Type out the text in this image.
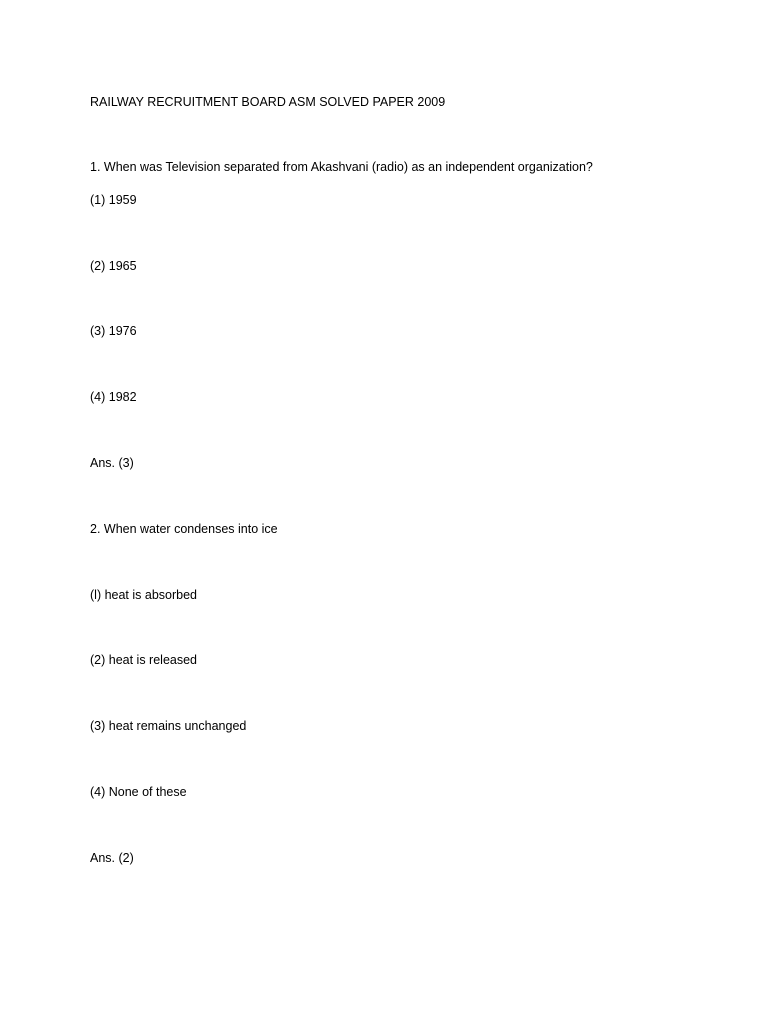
RAILWAY RECRUITMENT BOARD ASM SOLVED PAPER 2009
1. When was Television separated from Akashvani (radio) as an independent organization?
(1) 1959
(2) 1965
(3) 1976
(4) 1982
Ans. (3)
2. When water condenses into ice
(l) heat is absorbed
(2) heat is released
(3) heat remains unchanged
(4) None of these
Ans. (2)
